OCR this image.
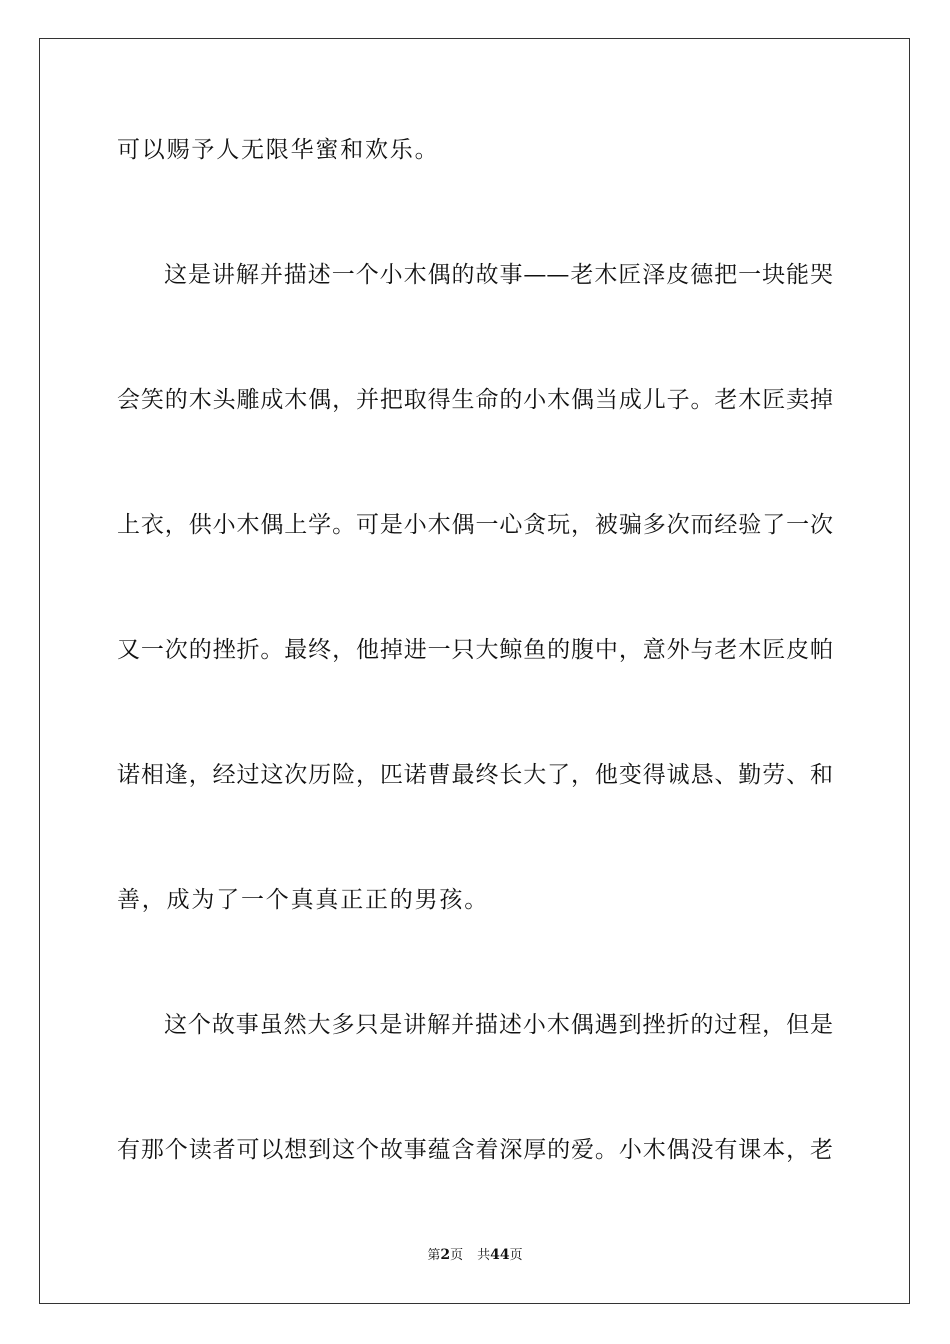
可以赐予人无限华蜜和欢乐。
这是讲解并描述一个小木偶的故事——老木匠泽皮德把一块能哭
会笑的木头雕成木偶，并把取得生命的小木偶当成儿子。老木匠卖掉
上衣，供小木偶上学。可是小木偶一心贪玩，被骗多次而经验了一次
又一次的挫折。最终，他掉进一只大鲸鱼的腹中，意外与老木匠皮帕
诺相逢，经过这次历险，匹诺曹最终长大了，他变得诚恳、勤劳、和
善，成为了一个真真正正的男孩。
这个故事虽然大多只是讲解并描述小木偶遇到挫折的过程，但是
有那个读者可以想到这个故事蕴含着深厚的爱。小木偶没有课本，老
第2页 共44页
